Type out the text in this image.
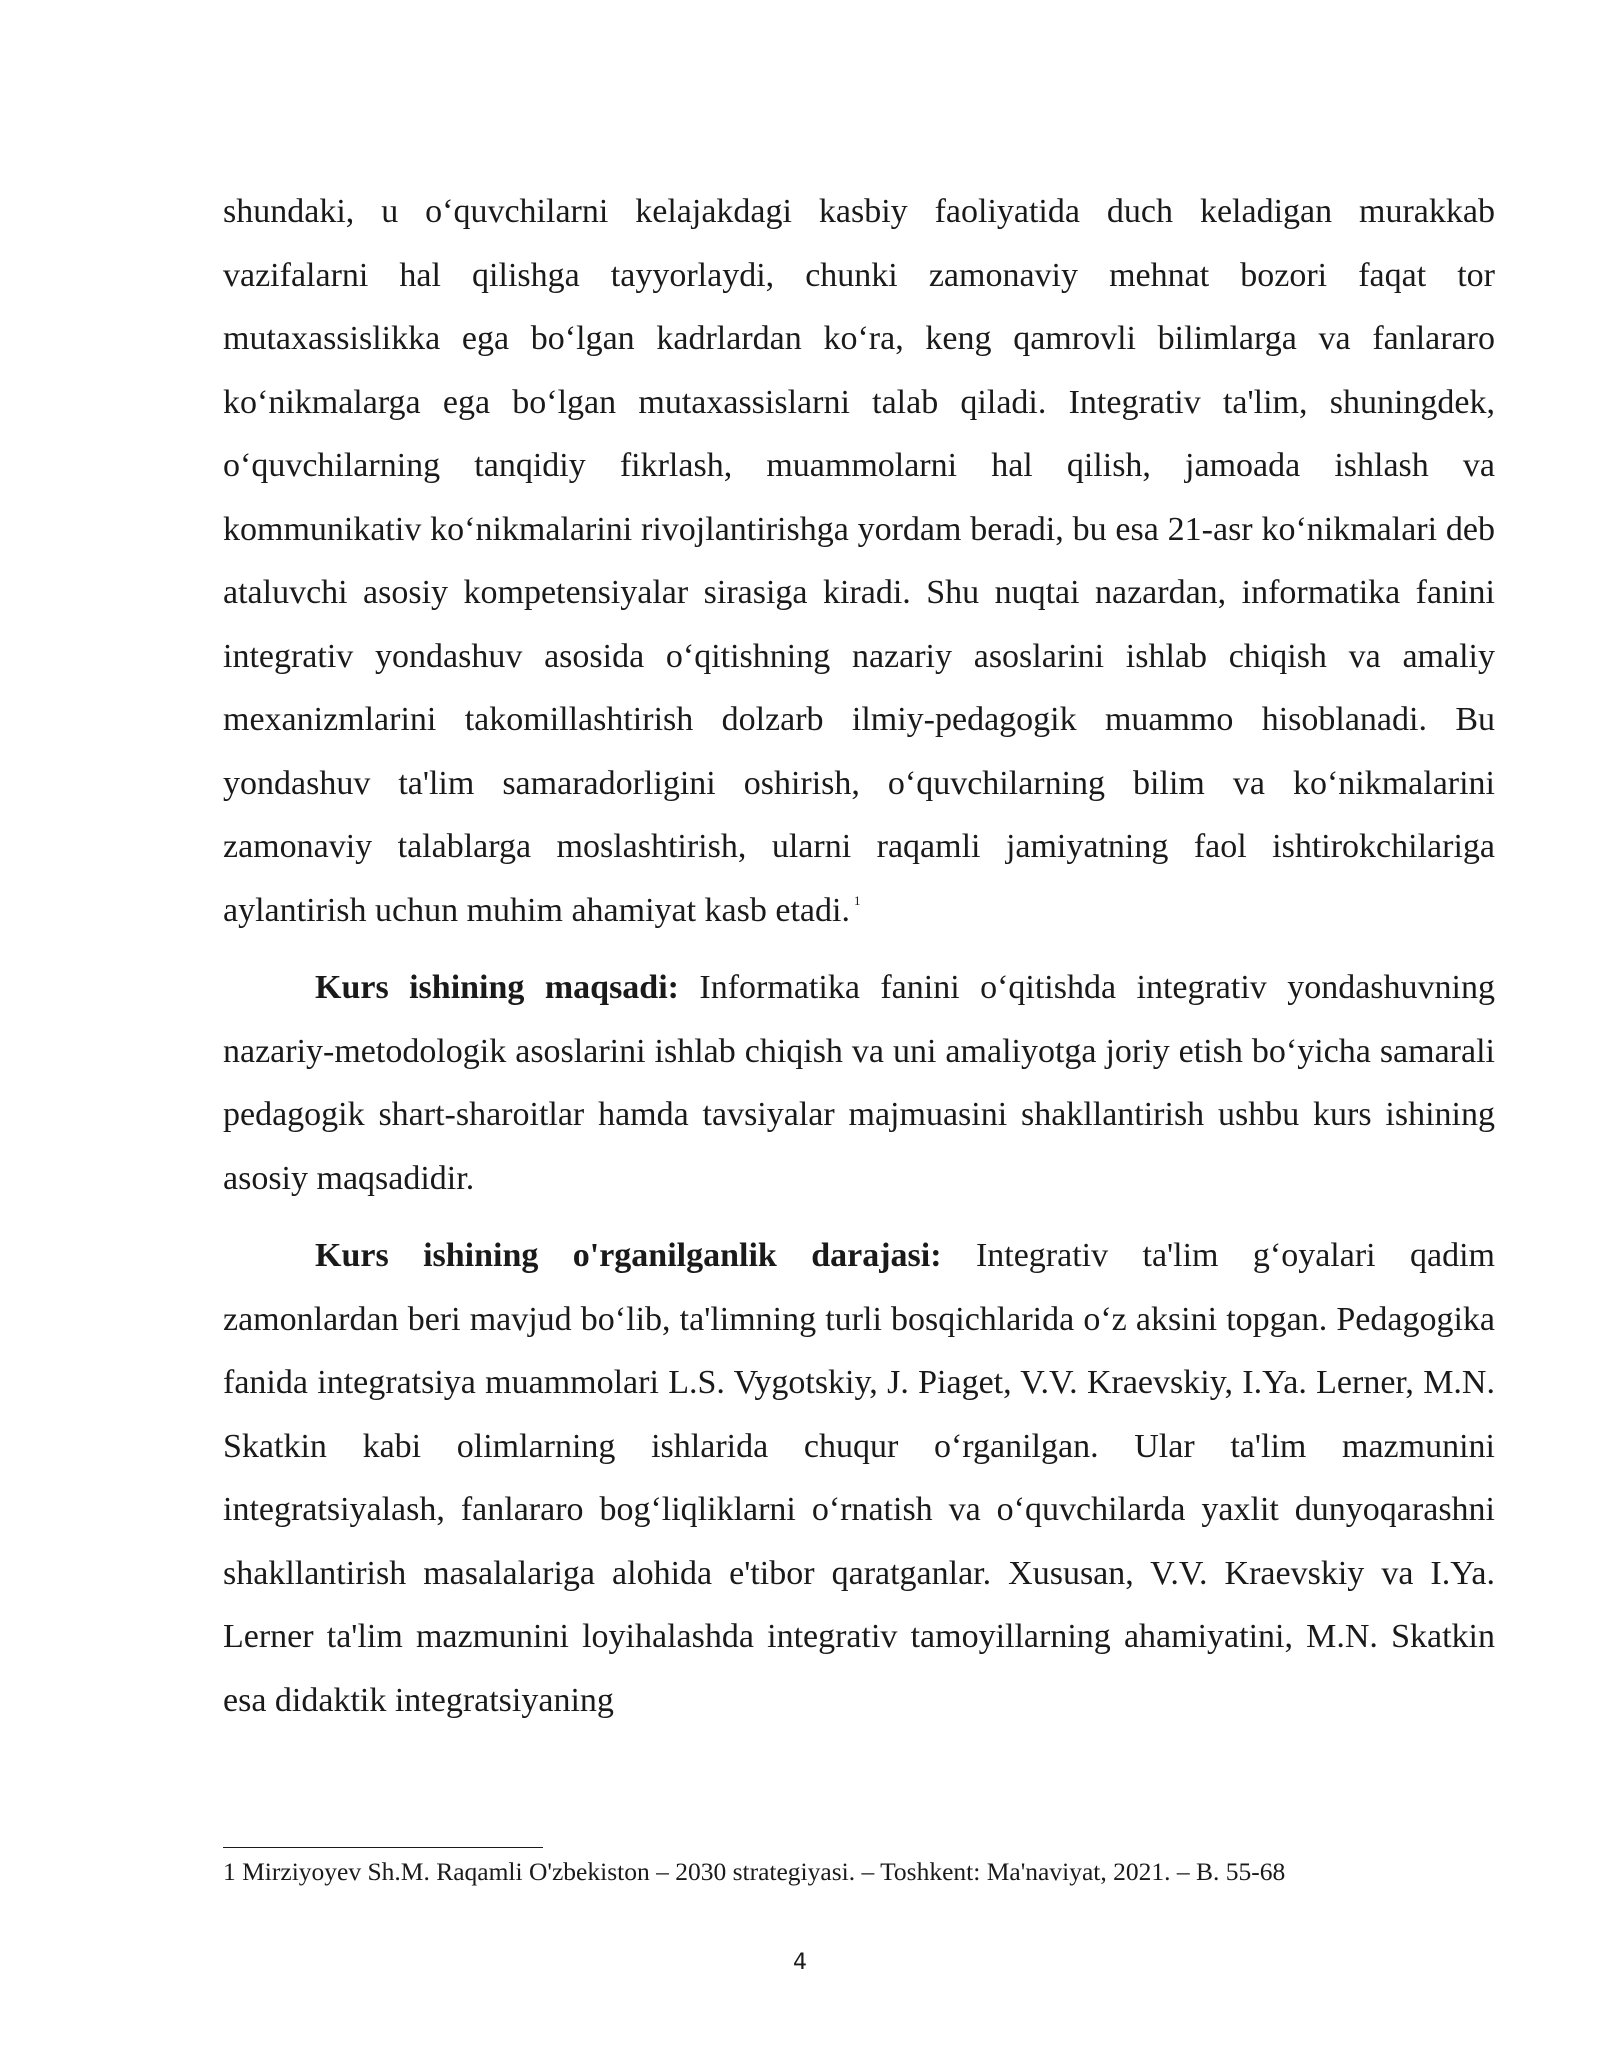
shundaki, u o‘quvchilarni kelajakdagi kasbiy faoliyatida duch keladigan murakkab vazifalarni hal qilishga tayyorlaydi, chunki zamonaviy mehnat bozori faqat tor mutaxassislikka ega bo‘lgan kadrlardan ko‘ra, keng qamrovli bilimlarga va fanlararo ko‘nikmalarga ega bo‘lgan mutaxassislarni talab qiladi. Integrativ ta'lim, shuningdek, o‘quvchilarning tanqidiy fikrlash, muammolarni hal qilish, jamoada ishlash va kommunikativ ko‘nikmalarini rivojlantirishga yordam beradi, bu esa 21-asr ko‘nikmalari deb ataluvchi asosiy kompetensiyalar sirasiga kiradi. Shu nuqtai nazardan, informatika fanini integrativ yondashuv asosida o‘qitishning nazariy asoslarini ishlab chiqish va amaliy mexanizmlarini takomillashtirish dolzarb ilmiy-pedagogik muammo hisoblanadi. Bu yondashuv ta'lim samaradorligini oshirish, o‘quvchilarning bilim va ko‘nikmalarini zamonaviy talablarga moslashtirish, ularni raqamli jamiyatning faol ishtirokchilariga aylantirish uchun muhim ahamiyat kasb etadi. $^1$

Kurs ishining maqsadi: Informatika fanini o‘qitishda integrativ yondashuvning nazariy-metodologik asoslarini ishlab chiqish va uni amaliyotga joriy etish bo‘yicha samarali pedagogik shart-sharoitlar hamda tavsiyalar majmuasini shakllantirish ushbu kurs ishining asosiy maqsadidir.

Kurs ishining o'rganilganlik darajasi: Integrativ ta'lim g‘oyalari qadim zamonlardan beri mavjud bo‘lib, ta'limning turli bosqichlarida o‘z aksini topgan. Pedagogika fanida integratsiya muammolari L.S. Vygotskiy, J. Piaget, V.V. Kraevskiy, I.Ya. Lerner, M.N. Skatkin kabi olimlarning ishlarida chuqur o‘rganilgan. Ular ta'lim mazmunini integratsiyalash, fanlararo bog‘liqliklarni o‘rnatish va o‘quvchilarda yaxlit dunyoqarashni shakllantirish masalalariga alohida e'tibor qaratganlar. Xususan, V.V. Kraevskiy va I.Ya. Lerner ta'lim mazmunini loyihalashda integrativ tamoyillarning ahamiyatini, M.N. Skatkin esa didaktik integratsiyaning

1 Mirziyoyev Sh.M. Raqamli O'zbekiston – 2030 strategiyasi. – Toshkent: Ma'naviyat, 2021. – B. 55-68
4
